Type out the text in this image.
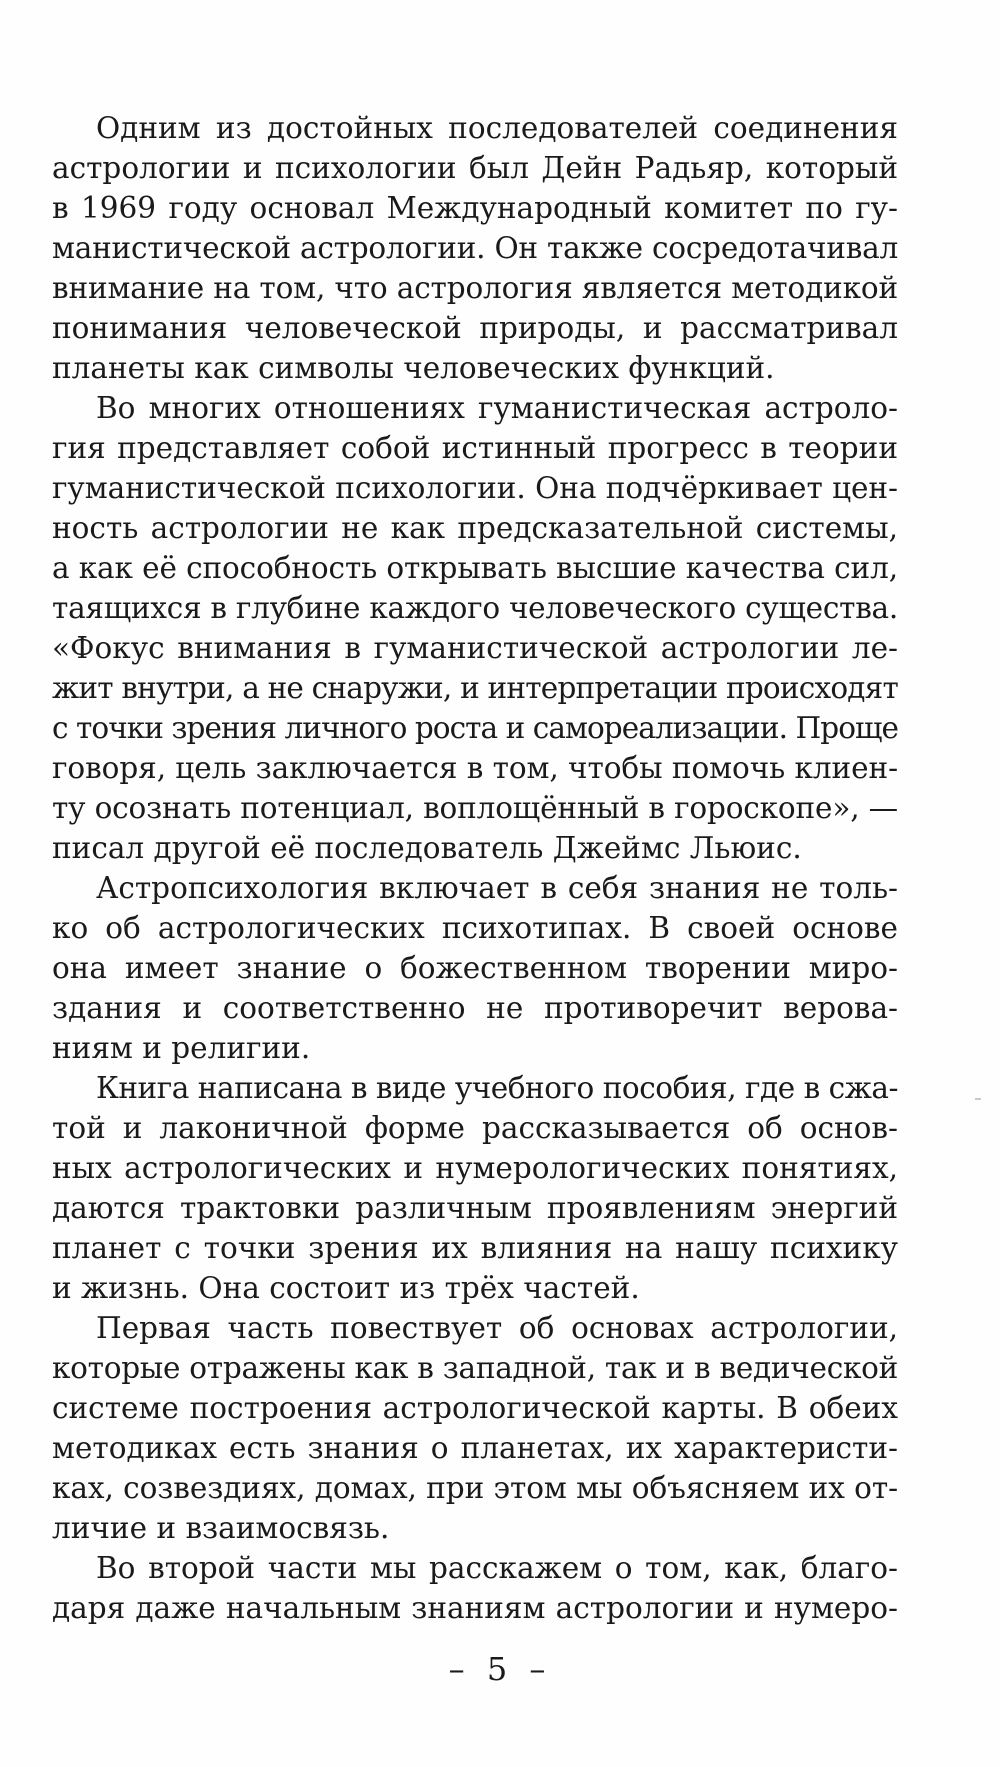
Одним из достойных последователей соединения
астрологии и психологии был Дейн Радьяр, который
в 1969 году основал Международный комитет по гу-
манистической астрологии. Он также сосредотачивал
внимание на том, что астрология является методикой
понимания человеческой природы, и рассматривал
планеты как символы человеческих функций.
Во многих отношениях гуманистическая астроло-
гия представляет собой истинный прогресс в теории
гуманистической психологии. Она подчёркивает цен-
ность астрологии не как предсказательной системы,
а как её способность открывать высшие качества сил,
таящихся в глубине каждого человеческого существа.
«Фокус внимания в гуманистической астрологии ле-
жит внутри, а не снаружи, и интерпретации происходят
с точки зрения личного роста и самореализации. Проще
говоря, цель заключается в том, чтобы помочь клиен-
ту осознать потенциал, воплощённый в гороскопе», —
писал другой её последователь Джеймс Льюис.
Астропсихология включает в себя знания не толь-
ко об астрологических психотипах. В своей основе
она имеет знание о божественном творении миро-
здания и соответственно не противоречит верова-
ниям и религии.
Книга написана в виде учебного пособия, где в сжа-
той и лаконичной форме рассказывается об основ-
ных астрологических и нумерологических понятиях,
даются трактовки различным проявлениям энергий
планет с точки зрения их влияния на нашу психику
и жизнь. Она состоит из трёх частей.
Первая часть повествует об основах астрологии,
которые отражены как в западной, так и в ведической
системе построения астрологической карты. В обеих
методиках есть знания о планетах, их характеристи-
ках, созвездиях, домах, при этом мы объясняем их от-
личие и взаимосвязь.
Во второй части мы расскажем о том, как, благо-
даря даже начальным знаниям астрологии и нумеро-
– 5 –
